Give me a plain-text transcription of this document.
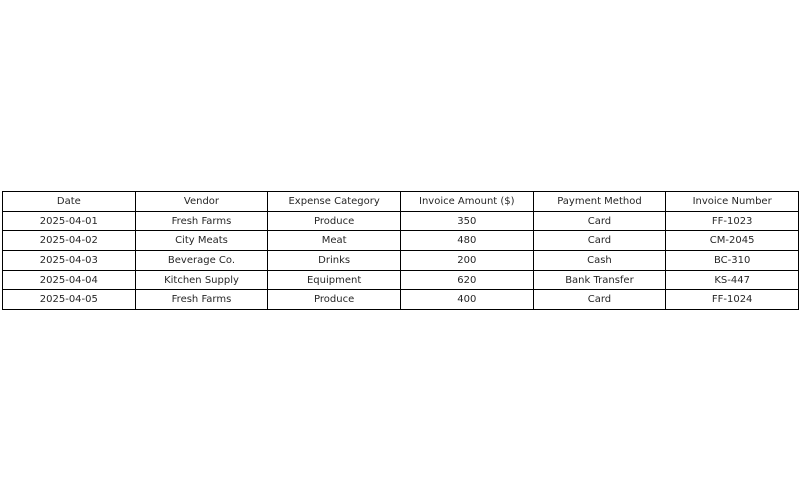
Date	Vendor	Expense Category	Invoice Amount ($)	Payment Method	Invoice Number
2025-04-01	Fresh Farms	Produce	350	Card	FF-1023
2025-04-02	City Meats	Meat	480	Card	CM-2045
2025-04-03	Beverage Co.	Drinks	200	Cash	BC-310
2025-04-04	Kitchen Supply	Equipment	620	Bank Transfer	KS-447
2025-04-05	Fresh Farms	Produce	400	Card	FF-1024
